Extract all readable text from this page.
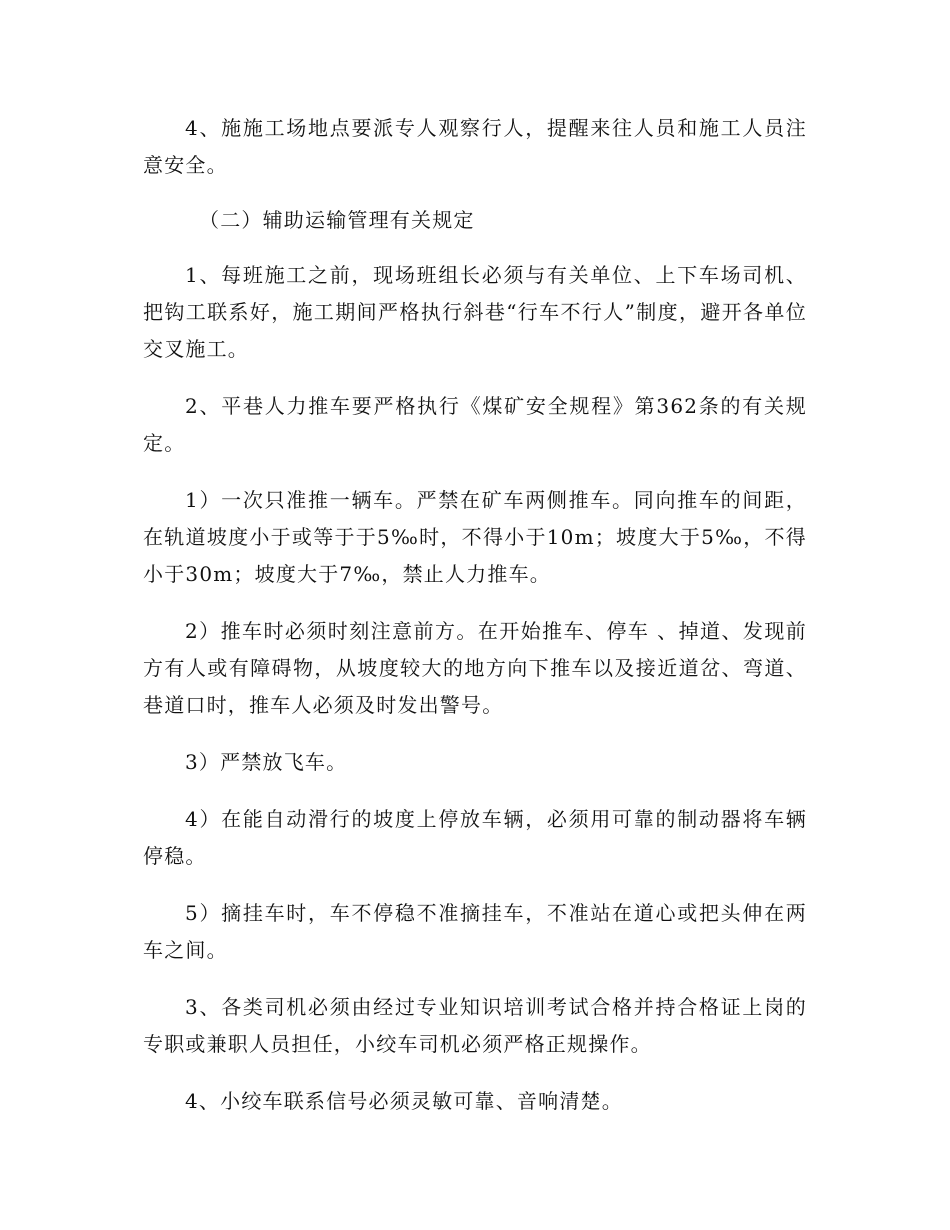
4、施施工场地点要派专人观察行人，提醒来往人员和施工人员注意安全。

（二）辅助运输管理有关规定

1、每班施工之前，现场班组长必须与有关单位、上下车场司机、把钩工联系好，施工期间严格执行斜巷“行车不行人”制度，避开各单位交叉施工。

2、平巷人力推车要严格执行《煤矿安全规程》第362条的有关规定。

1）一次只准推一辆车。严禁在矿车两侧推车。同向推车的间距，在轨道坡度小于或等于于5‰时，不得小于10m；坡度大于5‰，不得小于30m；坡度大于7‰，禁止人力推车。

2）推车时必须时刻注意前方。在开始推车、停车 、掉道、发现前方有人或有障碍物，从坡度较大的地方向下推车以及接近道岔、弯道、巷道口时，推车人必须及时发出警号。

3）严禁放飞车。

4）在能自动滑行的坡度上停放车辆，必须用可靠的制动器将车辆停稳。

5）摘挂车时，车不停稳不准摘挂车，不准站在道心或把头伸在两车之间。

3、各类司机必须由经过专业知识培训考试合格并持合格证上岗的专职或兼职人员担任，小绞车司机必须严格正规操作。

4、小绞车联系信号必须灵敏可靠、音响清楚。
